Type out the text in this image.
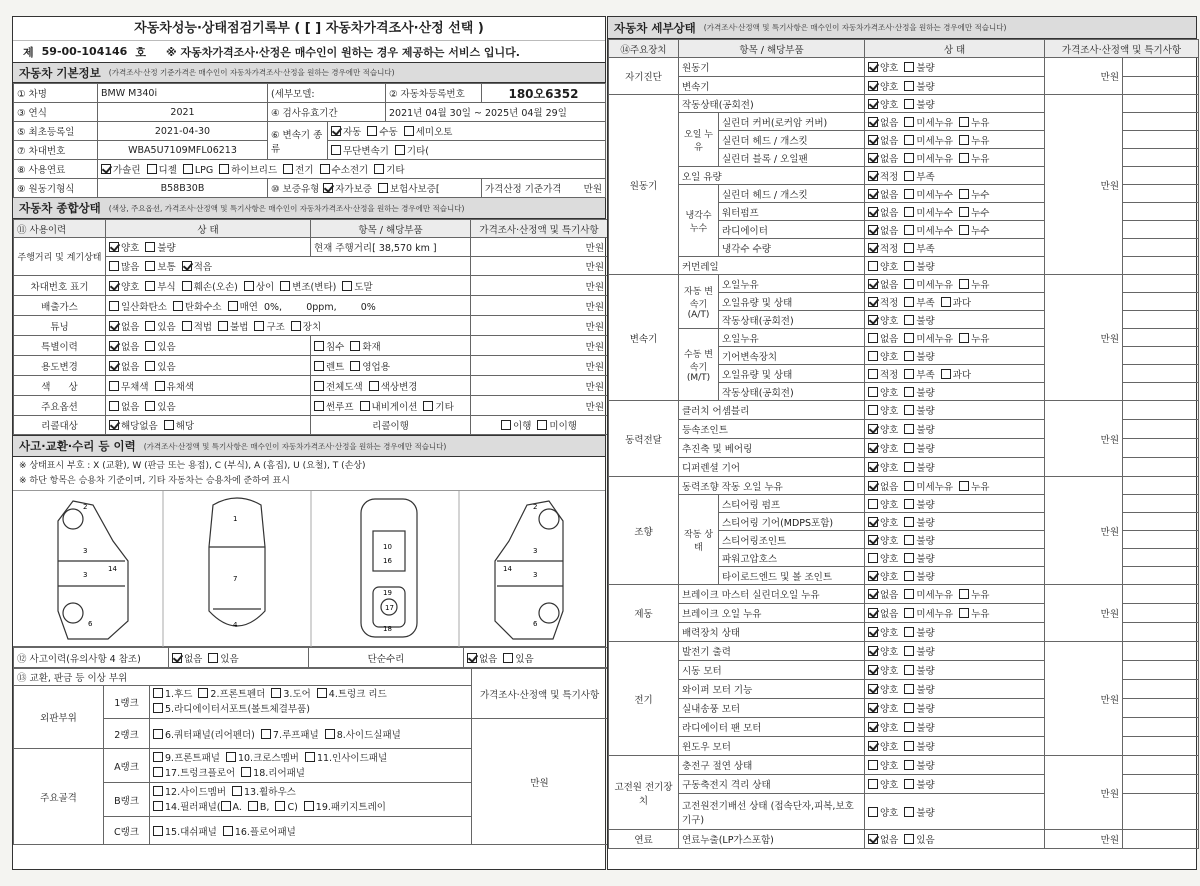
자동차성능·상태점검기록부 ( [ ] 자동차가격조사·산정 선택 )
제 59-00-104146 호 ※ 자동차가격조사·산정은 매수인이 원하는 경우 제공하는 서비스 입니다.
자동차 기본정보 (가격조사·산정 기준가격은 매수인이 자동차가격조사·산정을 원하는 경우에만 적습니다)
① 차명	BMW M340i	(세부모델:		② 자동차등록번호	180오6352
③ 연식	2021	④ 검사유효기간		2021년 04월 30일 ~ 2025년 04월 29일	
⑤ 최초등록일	2021-04-30	⑥ 변속기 종류	자동 수동 세미오토		
⑦ 차대번호	WBA5U7109MFL06213		무단변속기 기타(		
⑧ 사용연료	가솔린 디젤 LPG 하이브리드 전기 수소전기 기타				
⑨ 원동기형식	B58B30B	⑩ 보증유형 자가보증 보험사보증[			가격산정 기준가격 만원
자동차 종합상태 (색상, 주요옵션, 가격조사·산정액 및 특기사항은 매수인이 자동차가격조사·산정을 원하는 경우에만 적습니다)
⑪ 사용이력	상 태	항목 / 해당부품	가격조사·산정액 및 특기사항
주행거리 및 계기상태	양호 불량	현재 주행거리[ 38,570 km ]	만원
	많음 보통 적음		만원
차대번호 표기	양호 부식 훼손(오손) 상이 변조(변타) 도말		만원
배출가스	일산화탄소 탄화수소 매연 0%,        0ppm,        0%		만원
튜닝	없음 있음 적법 불법 구조 장치		만원
특별이력	없음 있음	침수 화재	만원
용도변경	없음 있음	렌트 영업용	만원
색      상	무채색 유채색	전체도색 색상변경	만원
주요옵션	없음 있음	썬루프 내비게이션 기타	만원
리콜대상	해당없음 해당	리콜이행	이행 미이행
사고·교환·수리 등 이력 (가격조사·산정액 및 특기사항은 매수인이 자동차가격조사·산정을 원하는 경우에만 적습니다)
※ 상태표시 부호 : X (교환), W (판금 또는 용접), C (부식), A (흠집), U (요철), T (손상)
※ 하단 항목은 승용차 기준이며, 기타 자동차는 승용차에 준하여 표시
2
3
3
14
6
1
7
4
10
16
19
17
18
2
3
3
14
6
⑫ 사고이력(유의사항 4 참조)	없음 있음	단순수리	없음 있음
⑬ 교환, 판금 등 이상 부위			가격조사·산정액 및 특기사항
외판부위	1랭크	1.후드 2.프론트펜더 3.도어 4.트렁크 리드
5.라디에이터서포트(볼트체결부품)	
	2랭크	6.쿼터패널(리어펜더) 7.루프패널 8.사이드실패널	만원
주요골격	A랭크	9.프론트패널 10.크로스멤버 11.인사이드패널
17.트렁크플로어 18.리어패널	
	B랭크	12.사이드멤버 13.휠하우스
14.필러패널( A. B, C) 19.패키지트레이	
	C랭크	15.대쉬패널 16.플로어패널	
자동차 세부상태 (가격조사·산정액 및 특기사항은 매수인이 자동차가격조사·산정을 원하는 경우에만 적습니다)
⑭주요장치	항목 / 해당부품		상 태	가격조사·산정액 및 특기사항	
자기진단	원동기		양호 불량	만원	
	변속기		양호 불량		
원동기	작동상태(공회전)		양호 불량	만원	
	오일 누유	실린더 커버(로커암 커버)	없음 미세누유 누유		
		실린더 헤드 / 개스킷	없음 미세누유 누유		
		실린더 블록 / 오일팬	없음 미세누유 누유		
	오일 유량		적정 부족		
	냉각수 누수	실린더 헤드 / 개스킷	없음 미세누수 누수		
		워터펌프	없음 미세누수 누수		
		라디에이터	없음 미세누수 누수		
		냉각수 수량	적정 부족		
	커먼레일		양호 불량		
변속기	자동 변속기 (A/T)	오일누유	없음 미세누유 누유	만원	
		오일유량 및 상태	적정 부족 과다		
		작동상태(공회전)	양호 불량		
	수동 변속기 (M/T)	오일누유	없음 미세누유 누유		
		기어변속장치	양호 불량		
		오일유량 및 상태	적정 부족 과다		
		작동상태(공회전)	양호 불량		
동력전달	클러치 어셈블리		양호 불량	만원	
	등속조인트		양호 불량		
	추진축 및 베어링		양호 불량		
	디퍼렌셜 기어		양호 불량		
조향	동력조향 작동 오일 누유		없음 미세누유 누유	만원	
	작동 상태	스티어링 펌프	양호 불량		
		스티어링 기어(MDPS포함)	양호 불량		
		스티어링조인트	양호 불량		
		파워고압호스	양호 불량		
		타이로드엔드 및 볼 조인트	양호 불량		
제동	브레이크 마스터 실린더오일 누유		없음 미세누유 누유	만원	
	브레이크 오일 누유		없음 미세누유 누유		
	배력장치 상태		양호 불량		
전기	발전기 출력		양호 불량	만원	
	시동 모터		양호 불량		
	와이퍼 모터 기능		양호 불량		
	실내송풍 모터		양호 불량		
	라디에이터 팬 모터		양호 불량		
	윈도우 모터		양호 불량		
고전원 전기장치	충전구 절연 상태		양호 불량	만원	
	구동축전지 격리 상태		양호 불량		
	고전원전기배선 상태 (접속단자,피복,보호기구)		양호 불량		
연료	연료누출(LP가스포함)		없음 있음	만원	
